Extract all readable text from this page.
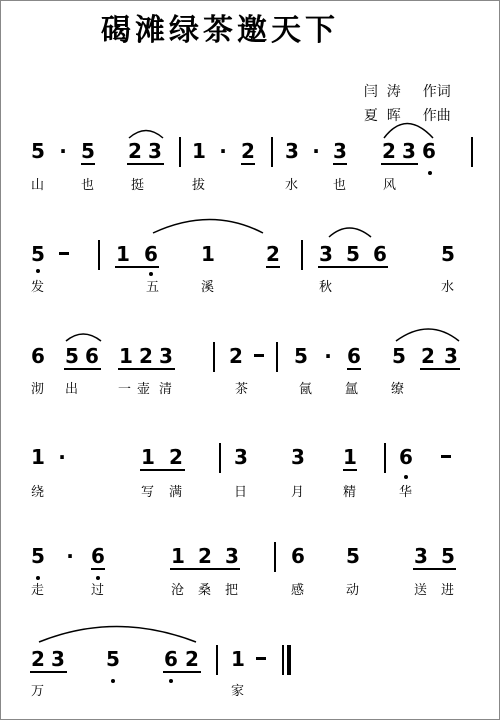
碣滩绿茶邀天下

闫  涛 作词

夏  晖 作曲

5 · 5 2 3 1 · 2 3 · 3 2 3 6
山	也	挺	拔	水	也	风
5	1 6 1	2 3 5 6	5
发	五	溪	秋	水
6 5 6 1 2 3	2	5 · 6 5 2 3
沏 出	一 壶 清	茶	氤	氲	缭
1 ·	1 2	3 3 1 6
绕	写 满	日	月	精	华
5 · 6	1 2 3	6 5	3 5
走	过	沧 桑 把	感	动	送 进
2 3 5 6 2 1
万	家
